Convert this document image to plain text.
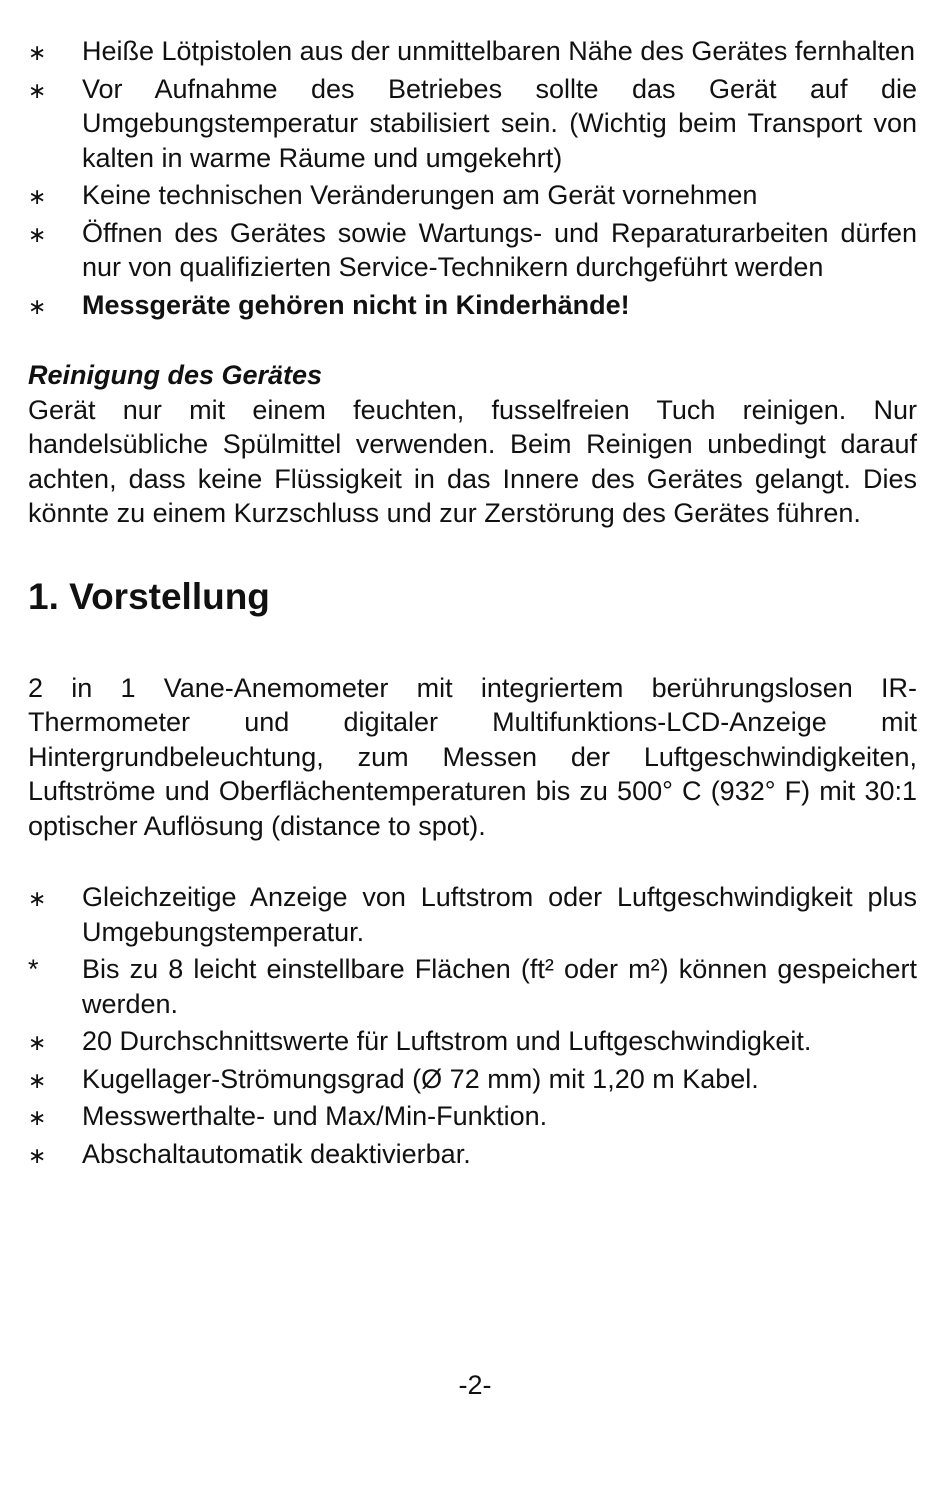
∗ Heiße Lötpistolen aus der unmittelbaren Nähe des Gerätes fernhalten
∗ Vor Aufnahme des Betriebes sollte das Gerät auf die Umgebungstemperatur stabilisiert sein. (Wichtig beim Transport von kalten in warme Räume und umgekehrt)
∗ Keine technischen Veränderungen am Gerät vornehmen
∗ Öffnen des Gerätes sowie Wartungs- und Reparaturarbeiten dürfen nur von qualifizierten Service-Technikern durchgeführt werden
∗ Messgeräte gehören nicht in Kinderhände!

Reinigung des Gerätes

Gerät nur mit einem feuchten, fusselfreien Tuch reinigen. Nur handelsübliche Spülmittel verwenden. Beim Reinigen unbedingt darauf achten, dass keine Flüssigkeit in das Innere des Gerätes gelangt. Dies könnte zu einem Kurzschluss und zur Zerstörung des Gerätes führen.

1. Vorstellung

2 in 1 Vane-Anemometer mit integriertem berührungslosen IR-Thermometer und digitaler Multifunktions-LCD-Anzeige mit Hintergrundbeleuchtung, zum Messen der Luftgeschwindigkeiten, Luftströme und Oberflächentemperaturen bis zu 500° C (932° F) mit 30:1 optischer Auflösung (distance to spot).

∗ Gleichzeitige Anzeige von Luftstrom oder Luftgeschwindigkeit plus Umgebungstemperatur.
*	Bis zu 8 leicht einstellbare Flächen (ft² oder m²) können gespeichert werden.
∗ 20 Durchschnittswerte für Luftstrom und Luftgeschwindigkeit.
∗ Kugellager-Strömungsgrad (Ø 72 mm) mit 1,20 m Kabel.
∗ Messwerthalte- und Max/Min-Funktion.
∗ Abschaltautomatik deaktivierbar.
-2-
